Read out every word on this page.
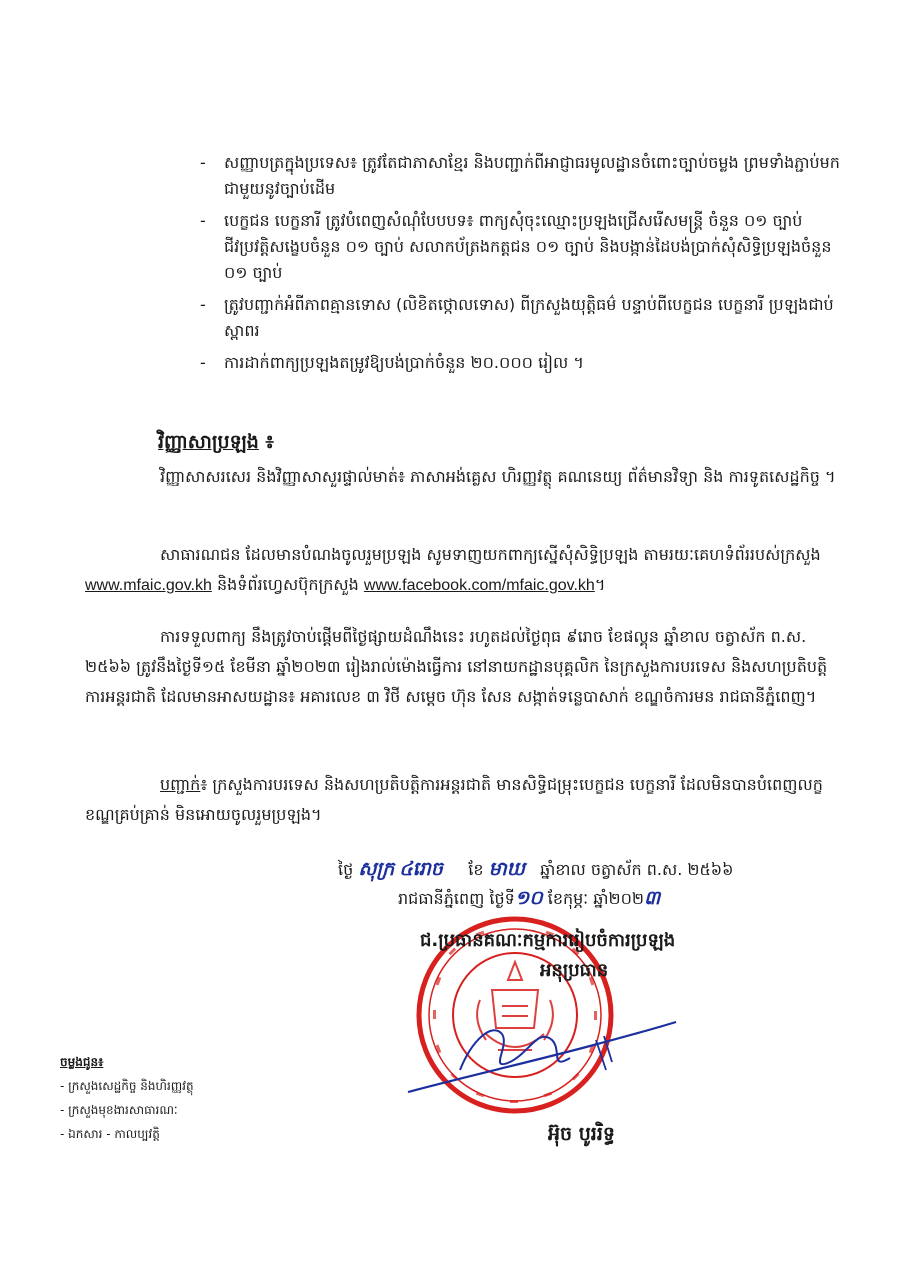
- សញ្ញាបត្រក្នុងប្រទេស៖ ត្រូវតែជាភាសាខ្មែរ និងបញ្ជាក់ពីអាជ្ញាធរមូលដ្ឋានចំពោះច្បាប់ចម្លង ព្រមទាំងភ្ជាប់មកជាមួយនូវច្បាប់ដើម
- បេក្ខជន បេក្ខនារី ត្រូវបំពេញសំណុំបែបបទ៖ ពាក្យសុំចុះឈ្មោះប្រឡងជ្រើសរើសមន្ត្រី ចំនួន ០១ ច្បាប់ ជីវប្រវត្តិសង្ខេបចំនួន ០១ ច្បាប់ សលាកប័ត្រងកត្តជន ០១ ច្បាប់ និងបង្កាន់ដៃបង់ប្រាក់សុំសិទ្ធិប្រឡងចំនួន ០១ ច្បាប់
- ត្រូវបញ្ជាក់អំពីភាពគ្មានទោស (លិខិតថ្កោលទោស) ពីក្រសួងយុត្តិធម៌ បន្ទាប់ពីបេក្ខជន បេក្ខនារី ប្រឡងជាប់ស្ពាពរ
- ការដាក់ពាក្យប្រឡងតម្រូវឱ្យបង់ប្រាក់ចំនួន ២០.០០០ រៀល ។
វិញ្ញាសាប្រឡង ៖
វិញ្ញាសាសរសេរ និងវិញ្ញាសាសួរផ្ទាល់មាត់៖ ភាសាអង់គ្លេស ហិរញ្ញវត្ថុ គណនេយ្យ ព័ត៌មានវិទ្យា និង ការទូតសេដ្ឋកិច្ច ។
សាធារណជន ដែលមានបំណងចូលរួមប្រឡង សូមទាញយកពាក្យស្នើសុំសិទ្ធិប្រឡង តាមរយៈគេហទំព័ររបស់ក្រសួង www.mfaic.gov.kh និងទំព័រហ្វេសប៊ុកក្រសួង www.facebook.com/mfaic.gov.kh។
ការទទួលពាក្យ នឹងត្រូវចាប់ផ្តើមពីថ្ងៃផ្សាយដំណឹងនេះ រហូតដល់ថ្ងៃពុធ ៩រោច ខែផល្គុន ឆ្នាំខាល ចត្វាស័ក ព.ស. ២៥៦៦ ត្រូវនឹងថ្ងៃទី១៥ ខែមីនា ឆ្នាំ២០២៣ រៀងរាល់ម៉ោងធ្វើការ នៅនាយកដ្ឋានបុគ្គលិក នៃក្រសួងការបរទេស និងសហប្រតិបត្តិការអន្តរជាតិ ដែលមានអាសយដ្ឋាន៖ អគារលេខ ៣ វិថី សម្តេច ហ៊ុន សែន សង្កាត់ទន្លេបាសាក់ ខណ្ឌចំការមន រាជធានីភ្នំពេញ។
បញ្ជាក់៖ ក្រសួងការបរទេស និងសហប្រតិបត្តិការអន្តរជាតិ មានសិទ្ធិជម្រុះបេក្ខជន បេក្ខនារី ដែលមិនបានបំពេញលក្ខខណ្ឌគ្រប់គ្រាន់ មិនអោយចូលរួមប្រឡង។
ថ្ងៃ សុក្រ ៤រោច ខែ មាឃ ឆ្នាំខាល ចត្វាស័ក ព.ស. ២៥៦៦
រាជធានីភ្នំពេញ ថ្ងៃទី១០ ខែកុម្ភៈ ឆ្នាំ២០២៣
ជ.ប្រធានគណៈកម្មការរៀបចំការប្រឡង
អនុប្រធាន
អ៊ុច បូររិទ្ធ
ចម្លងជូន៖
- ក្រសួងសេដ្ឋកិច្ច និងហិរញ្ញវត្ថុ
- ក្រសួងមុខងារសាធារណៈ
- ឯកសារ - កាលប្បវត្តិ
